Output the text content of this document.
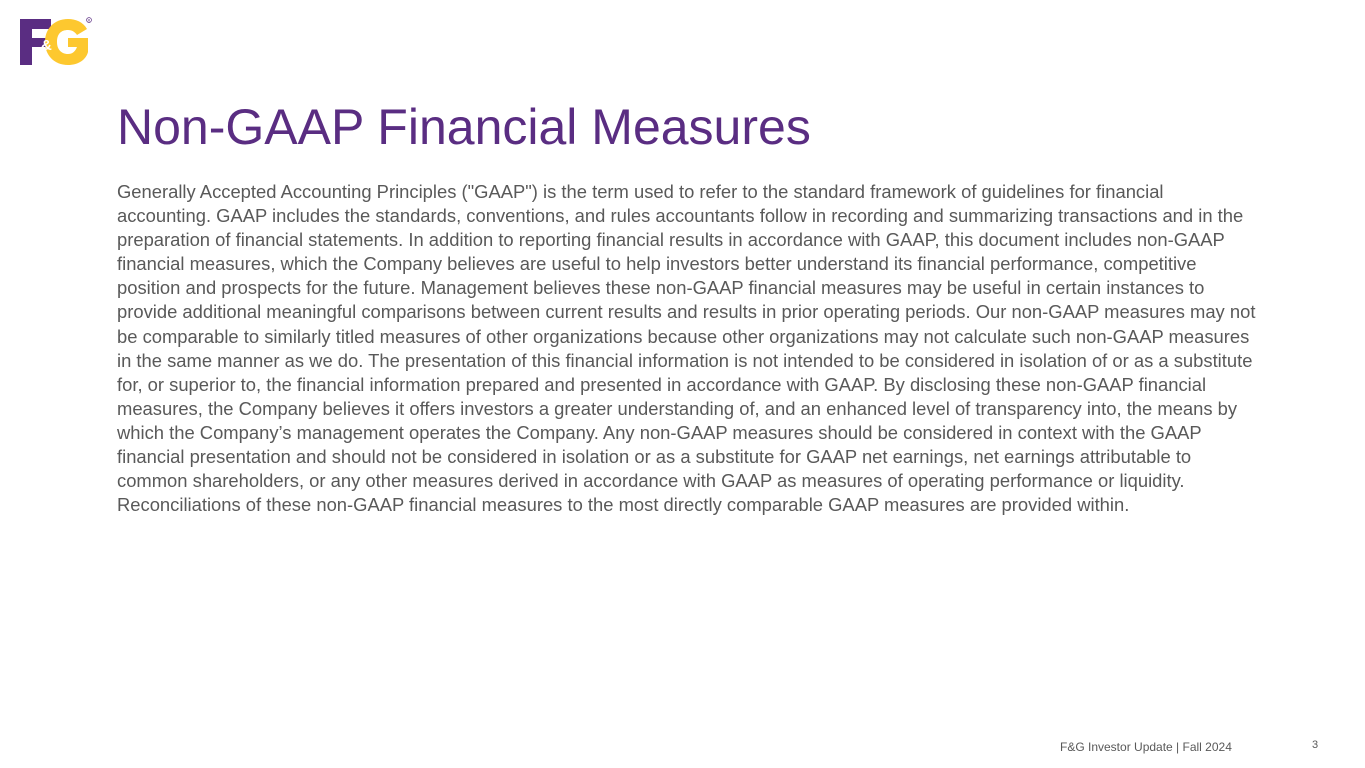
&
R
Non-GAAP Financial Measures

Generally Accepted Accounting Principles ("GAAP") is the term used to refer to the standard framework of guidelines for financial accounting. GAAP includes the standards, conventions, and rules accountants follow in recording and summarizing transactions and in the preparation of financial statements. In addition to reporting financial results in accordance with GAAP, this document includes non-GAAP financial measures, which the Company believes are useful to help investors better understand its financial performance, competitive position and prospects for the future. Management believes these non-GAAP financial measures may be useful in certain instances to provide additional meaningful comparisons between current results and results in prior operating periods. Our non-GAAP measures may not be comparable to similarly titled measures of other organizations because other organizations may not calculate such non-GAAP measures in the same manner as we do. The presentation of this financial information is not intended to be considered in isolation of or as a substitute for, or superior to, the financial information prepared and presented in accordance with GAAP. By disclosing these non-GAAP financial measures, the Company believes it offers investors a greater understanding of, and an enhanced level of transparency into, the means by which the Company’s management operates the Company. Any non-GAAP measures should be considered in context with the GAAP financial presentation and should not be considered in isolation or as a substitute for GAAP net earnings, net earnings attributable to common shareholders, or any other measures derived in accordance with GAAP as measures of operating performance or liquidity. Reconciliations of these non-GAAP financial measures to the most directly comparable GAAP measures are provided within.

F&G Investor Update | Fall 2024	3
